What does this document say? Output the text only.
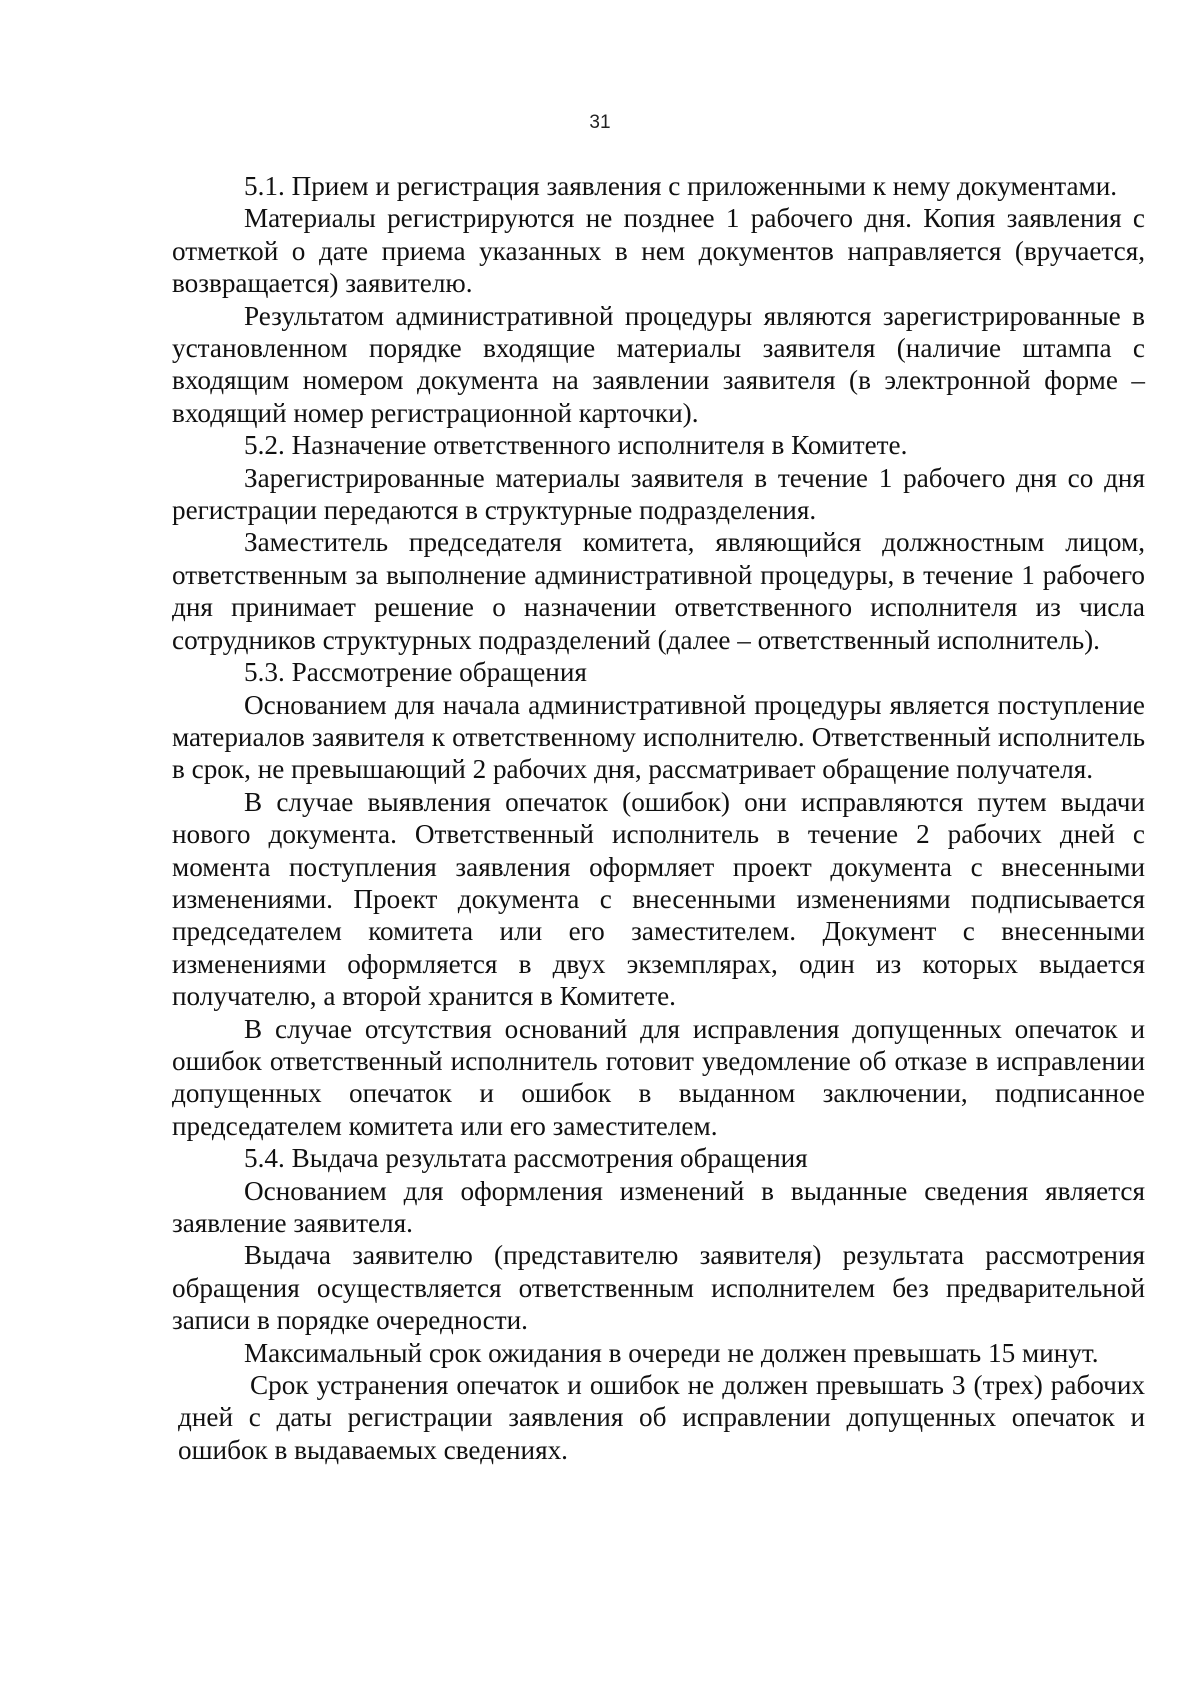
31

5.1. Прием и регистрация заявления с приложенными к нему документами.

Материалы регистрируются не позднее 1 рабочего дня. Копия заявления с отметкой о дате приема указанных в нем документов направляется (вручается, возвращается) заявителю.

Результатом административной процедуры являются зарегистрированные в установленном порядке входящие материалы заявителя (наличие штампа с входящим номером документа на заявлении заявителя (в электронной форме – входящий номер регистрационной карточки).

5.2. Назначение ответственного исполнителя в Комитете.

Зарегистрированные материалы заявителя в течение 1 рабочего дня со дня регистрации передаются в структурные подразделения.

Заместитель председателя комитета, являющийся должностным лицом, ответственным за выполнение административной процедуры, в течение 1 рабочего дня принимает решение о назначении ответственного исполнителя из числа сотрудников структурных подразделений (далее – ответственный исполнитель).

5.3. Рассмотрение обращения

Основанием для начала административной процедуры является поступление материалов заявителя к ответственному исполнителю. Ответственный исполнитель в срок, не превышающий 2 рабочих дня, рассматривает обращение получателя.

В случае выявления опечаток (ошибок) они исправляются путем выдачи нового документа. Ответственный исполнитель в течение 2 рабочих дней с момента поступления заявления оформляет проект документа с внесенными изменениями. Проект документа с внесенными изменениями подписывается председателем комитета или его заместителем. Документ с внесенными изменениями оформляется в двух экземплярах, один из которых выдается получателю, а второй хранится в Комитете.

В случае отсутствия оснований для исправления допущенных опечаток и ошибок ответственный исполнитель готовит уведомление об отказе в исправлении допущенных опечаток и ошибок в выданном заключении, подписанное председателем комитета или его заместителем.

5.4. Выдача результата рассмотрения обращения

Основанием для оформления изменений в выданные сведения является заявление заявителя.

Выдача заявителю (представителю заявителя) результата рассмотрения обращения осуществляется ответственным исполнителем без предварительной записи в порядке очередности.

Максимальный срок ожидания в очереди не должен превышать 15 минут.

Срок устранения опечаток и ошибок не должен превышать 3 (трех) рабочих дней с даты регистрации заявления об исправлении допущенных опечаток и ошибок в выдаваемых сведениях.
